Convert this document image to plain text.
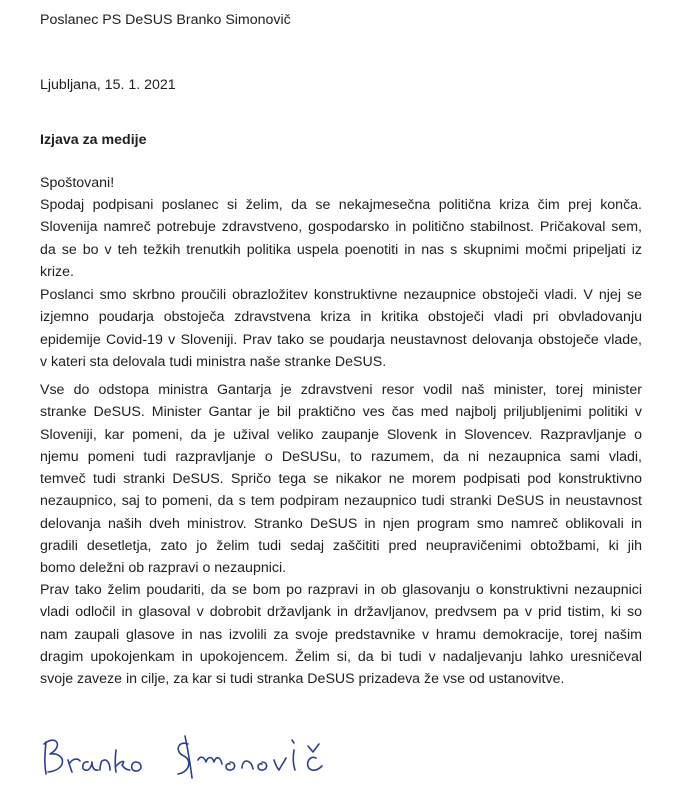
Poslanec PS DeSUS Branko Simonovič

Ljubljana, 15. 1. 2021

Izjava za medije

Spoštovani!

Spodaj podpisani poslanec si želim, da se nekajmesečna politična kriza čim prej konča.
Slovenija namreč potrebuje zdravstveno, gospodarsko in politično stabilnost. Pričakoval sem,
da se bo v teh težkih trenutkih politika uspela poenotiti in nas s skupnimi močmi pripeljati iz
krize.
Poslanci smo skrbno proučili obrazložitev konstruktivne nezaupnice obstoječi vladi. V njej se
izjemno poudarja obstoječa zdravstvena kriza in kritika obstoječi vladi pri obvladovanju
epidemije Covid-19 v Sloveniji. Prav tako se poudarja neustavnost delovanja obstoječe vlade,
v kateri sta delovala tudi ministra naše stranke DeSUS.
Vse do odstopa ministra Gantarja je zdravstveni resor vodil naš minister, torej minister
stranke DeSUS. Minister Gantar je bil praktično ves čas med najbolj priljubljenimi politiki v
Sloveniji, kar pomeni, da je užival veliko zaupanje Slovenk in Slovencev. Razpravljanje o
njemu pomeni tudi razpravljanje o DeSUSu, to razumem, da ni nezaupnica sami vladi,
temveč tudi stranki DeSUS. Spričo tega se nikakor ne morem podpisati pod konstruktivno
nezaupnico, saj to pomeni, da s tem podpiram nezaupnico tudi stranki DeSUS in neustavnost
delovanja naših dveh ministrov. Stranko DeSUS in njen program smo namreč oblikovali in
gradili desetletja, zato jo želim tudi sedaj zaščititi pred neupravičenimi obtožbami, ki jih
bomo deležni ob razpravi o nezaupnici.
Prav tako želim poudariti, da se bom po razpravi in ob glasovanju o konstruktivni nezaupnici
vladi odločil in glasoval v dobrobit državljank in državljanov, predvsem pa v prid tistim, ki so
nam zaupali glasove in nas izvolili za svoje predstavnike v hramu demokracije, torej našim
dragim upokojenkam in upokojencem. Želim si, da bi tudi v nadaljevanju lahko uresničeval
svoje zaveze in cilje, za kar si tudi stranka DeSUS prizadeva že vse od ustanovitve.
